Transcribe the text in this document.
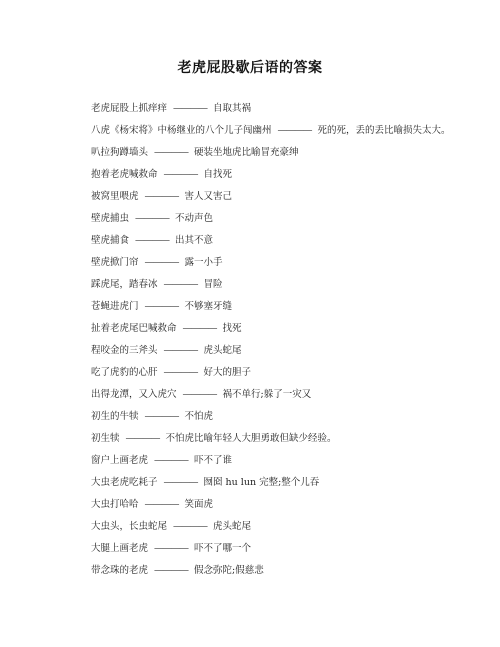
老虎屁股歇后语的答案
老虎屁股上抓痒痒 ———— 自取其祸
八虎《杨宋将》中杨继业的八个儿子闯幽州 ———— 死的死，丢的丢比喻损失太大。
叭拉狗蹲墙头 ———— 硬装坐地虎比喻冒充豪绅
抱着老虎喊救命 ———— 自找死
被窝里喂虎 ———— 害人又害己
壁虎捕虫 ———— 不动声色
壁虎捕食 ———— 出其不意
壁虎掀门帘 ———— 露一小手
踩虎尾，踏春冰 ———— 冒险
苍蝇进虎门 ———— 不够塞牙缝
扯着老虎尾巴喊救命 ———— 找死
程咬金的三斧头 ———— 虎头蛇尾
吃了虎豹的心肝 ———— 好大的胆子
出得龙潭，又入虎穴 ———— 祸不单行;躲了一灾又
初生的牛犊 ———— 不怕虎
初生犊 ———— 不怕虎比喻年轻人大胆勇敢但缺少经验。
窗户上画老虎 ———— 吓不了谁
大虫老虎吃耗子 ———— 囫囵 hu lun 完整;整个儿吞
大虫打哈哈 ———— 笑面虎
大虫头，长虫蛇尾 ———— 虎头蛇尾
大腿上画老虎 ———— 吓不了哪一个
带念珠的老虎 ———— 假念弥陀;假慈悲
